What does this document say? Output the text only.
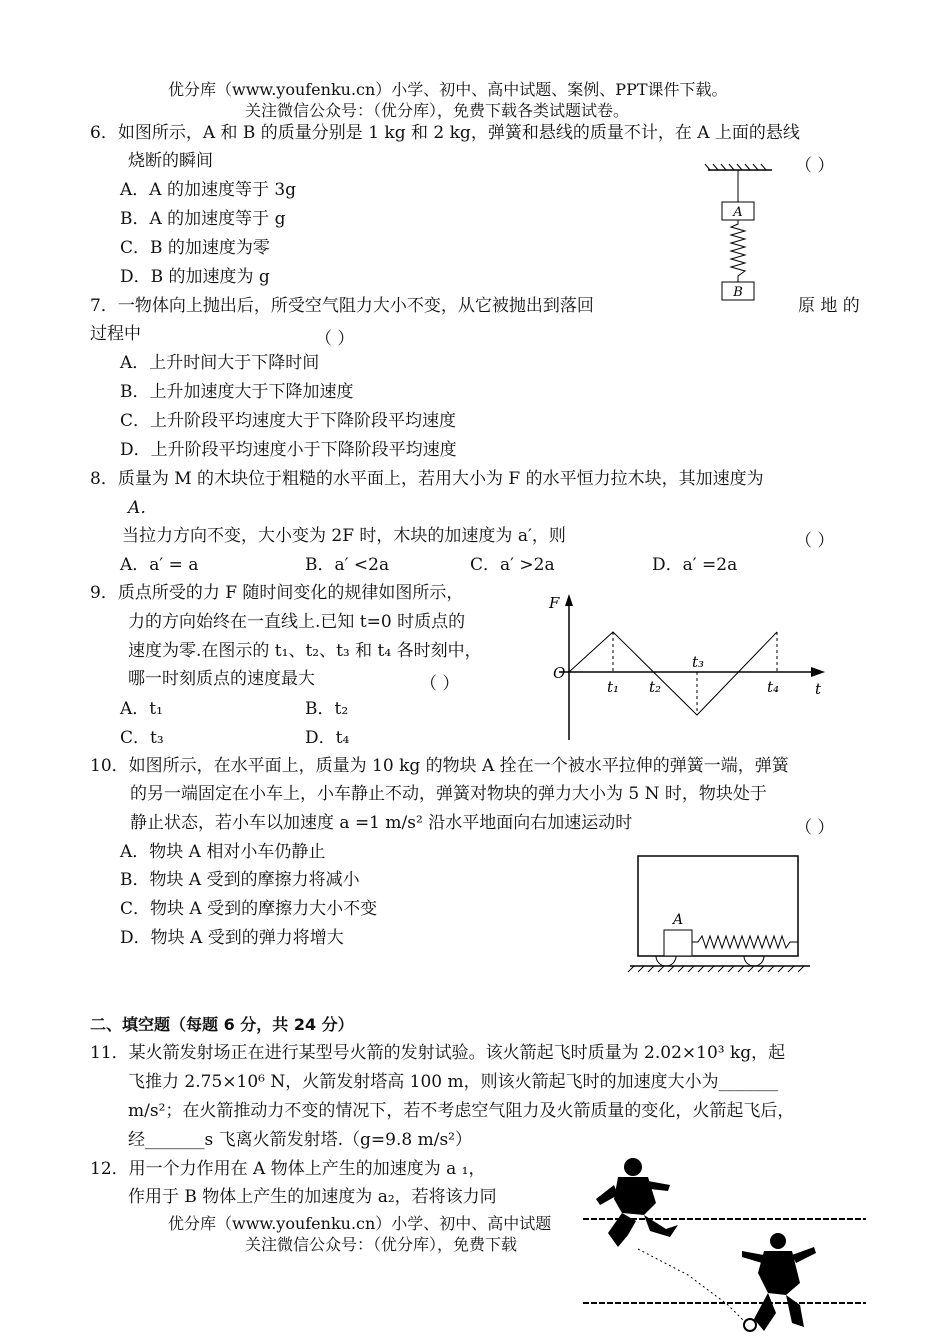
优分库（www.youfenku.cn）小学、初中、高中试题、案例、PPT课件下载。
关注微信公众号：（优分库），免费下载各类试题试卷。
6．如图所示，A 和 B 的质量分别是 1 kg 和 2 kg，弹簧和悬线的质量不计，在 A 上面的悬线
烧断的瞬间	（ ）
A．A 的加速度等于 3g
B．A 的加速度等于 g
C．B 的加速度为零
D．B 的加速度为 g
A
B
7．一物体向上抛出后，所受空气阻力大小不变，从它被抛出到落回	原 地 的
过程中	（ ）
A．上升时间大于下降时间
B．上升加速度大于下降加速度
C．上升阶段平均速度大于下降阶段平均速度
D．上升阶段平均速度小于下降阶段平均速度
8．质量为 M 的木块位于粗糙的水平面上，若用大小为 F 的水平恒力拉木块，其加速度为
A．
当拉力方向不变，大小变为 2F 时，木块的加速度为 a′，则	（ ）
A．a′ = a	B．a′ <2a	C．a′ >2a	D．a′ =2a
9．质点所受的力 F 随时间变化的规律如图所示，
力的方向始终在一直线上.已知 t=0 时质点的
速度为零.在图示的 t₁、t₂、t₃ 和 t₄ 各时刻中，
哪一时刻质点的速度最大	（ ）
A．t₁	B．t₂
C．t₃	D．t₄
F
O
t
t₁ t₂
t₃
t₄
10．如图所示，在水平面上，质量为 10 kg 的物块 A 拴在一个被水平拉伸的弹簧一端，弹簧
的另一端固定在小车上，小车静止不动，弹簧对物块的弹力大小为 5 N 时，物块处于
静止状态，若小车以加速度 a =1 m/s² 沿水平地面向右加速运动时	（ ）
A．物块 A 相对小车仍静止
B．物块 A 受到的摩擦力将减小
C．物块 A 受到的摩擦力大小不变
D．物块 A 受到的弹力将增大
A
二、填空题（每题 6 分，共 24 分）
11．某火箭发射场正在进行某型号火箭的发射试验。该火箭起飞时质量为 2.02×10³ kg，起
飞推力 2.75×10⁶ N，火箭发射塔高 100 m，则该火箭起飞时的加速度大小为_______
m/s²；在火箭推动力不变的情况下，若不考虑空气阻力及火箭质量的变化，火箭起飞后，
经_______s 飞离火箭发射塔.（g=9.8 m/s²）
12．用一个力作用在 A 物体上产生的加速度为 a ₁，
作用于 B 物体上产生的加速度为 a₂，若将该力同
优分库（www.youfenku.cn）小学、初中、高中试题
关注微信公众号：（优分库），免费下载
